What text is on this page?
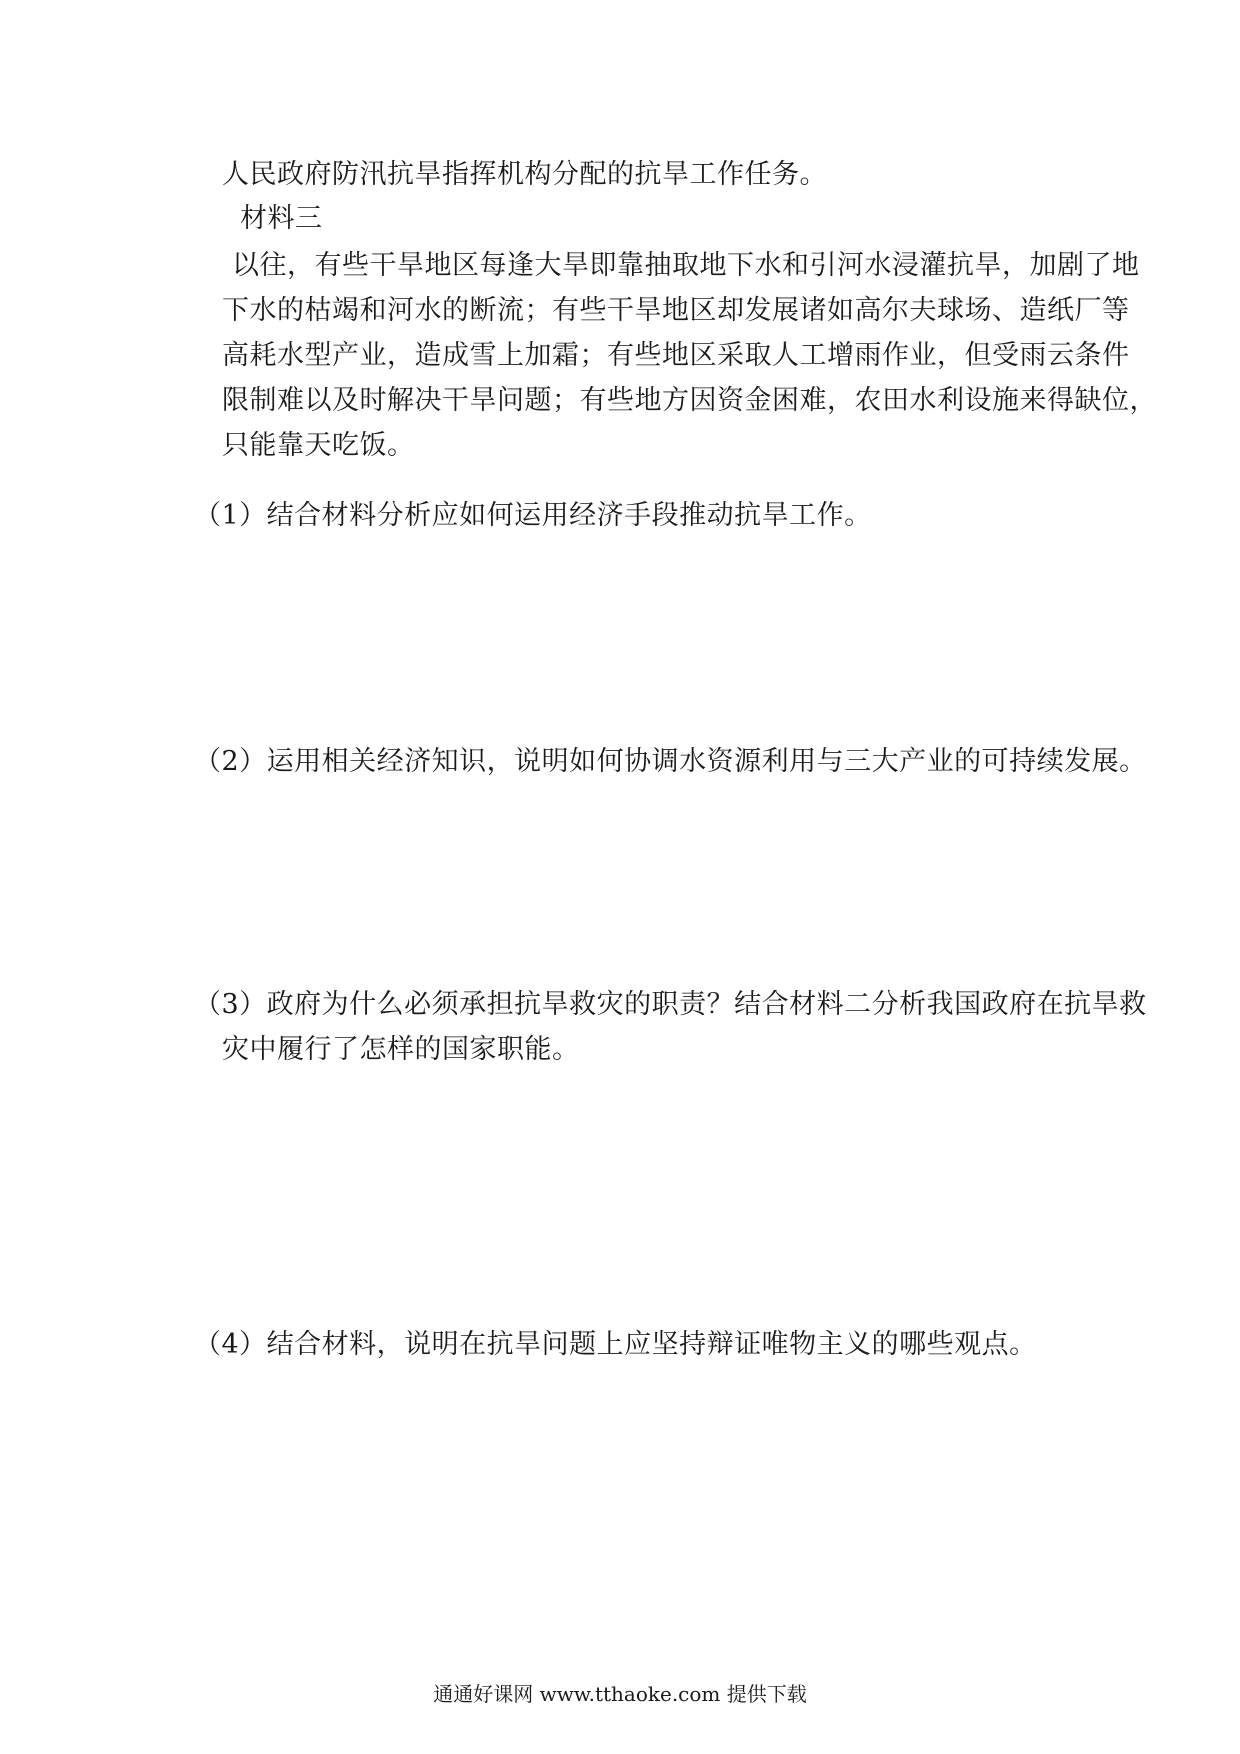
人民政府防汛抗旱指挥机构分配的抗旱工作任务。
材料三
以往，有些干旱地区每逢大旱即靠抽取地下水和引河水浸灌抗旱，加剧了地
下水的枯竭和河水的断流；有些干旱地区却发展诸如高尔夫球场、造纸厂等
高耗水型产业，造成雪上加霜；有些地区采取人工增雨作业，但受雨云条件
限制难以及时解决干旱问题；有些地方因资金困难，农田水利设施来得缺位，
只能靠天吃饭。
（1）结合材料分析应如何运用经济手段推动抗旱工作。
（2）运用相关经济知识，说明如何协调水资源利用与三大产业的可持续发展。
（3）政府为什么必须承担抗旱救灾的职责？结合材料二分析我国政府在抗旱救
灾中履行了怎样的国家职能。
（4）结合材料，说明在抗旱问题上应坚持辩证唯物主义的哪些观点。
通通好课网 www.tthaoke.com 提供下载
